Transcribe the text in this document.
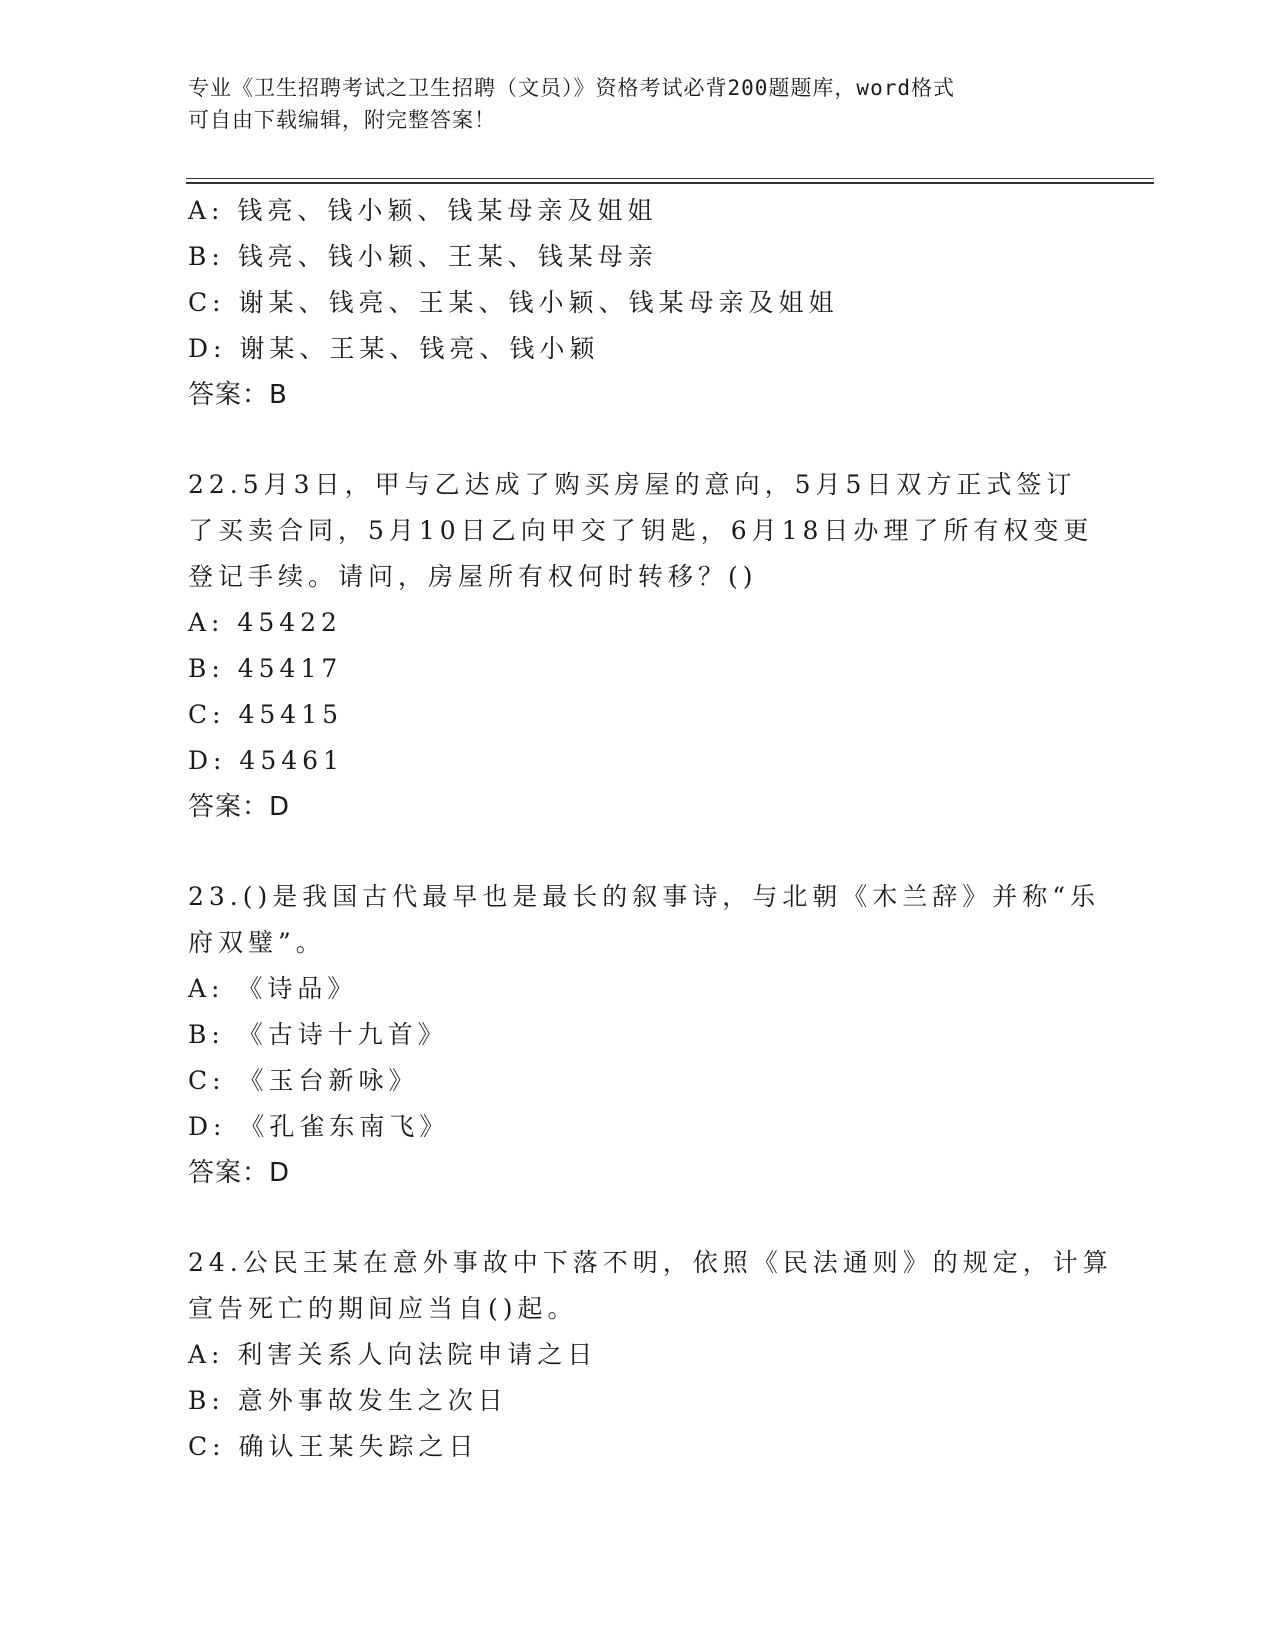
专业《卫生招聘考试之卫生招聘（文员）》资格考试必背200题题库，word格式
可自由下载编辑，附完整答案！
A: 钱亮、钱小颖、钱某母亲及姐姐
B: 钱亮、钱小颖、王某、钱某母亲
C: 谢某、钱亮、王某、钱小颖、钱某母亲及姐姐
D: 谢某、王某、钱亮、钱小颖
答案：B
22.5月3日，甲与乙达成了购买房屋的意向，5月5日双方正式签订
了买卖合同，5月10日乙向甲交了钥匙，6月18日办理了所有权变更
登记手续。请问，房屋所有权何时转移？()
A: 45422
B: 45417
C: 45415
D: 45461
答案：D
23.()是我国古代最早也是最长的叙事诗，与北朝《木兰辞》并称“乐
府双璧”。
A: 《诗品》
B: 《古诗十九首》
C: 《玉台新咏》
D: 《孔雀东南飞》
答案：D
24.公民王某在意外事故中下落不明，依照《民法通则》的规定，计算
宣告死亡的期间应当自()起。
A: 利害关系人向法院申请之日
B: 意外事故发生之次日
C: 确认王某失踪之日
